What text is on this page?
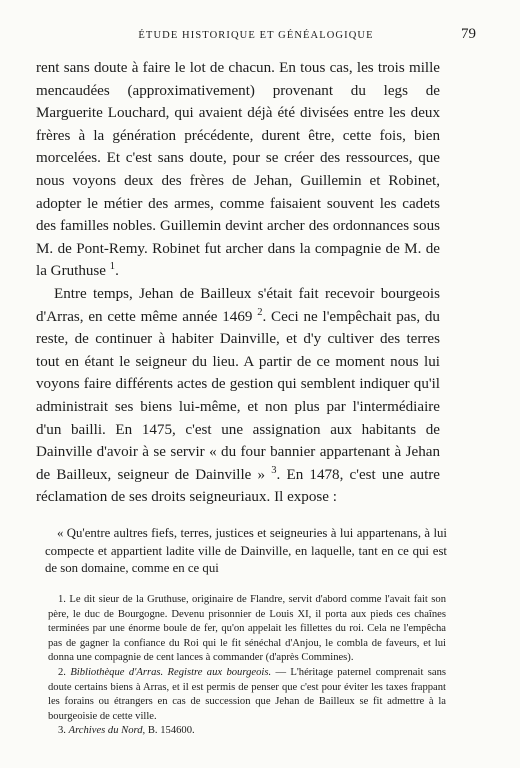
ÉTUDE HISTORIQUE ET GÉNÉALOGIQUE	79

rent sans doute à faire le lot de chacun. En tous cas, les trois mille mencaudées (approximativement) provenant du legs de Marguerite Louchard, qui avaient déjà été divisées entre les deux frères à la génération précédente, durent être, cette fois, bien morcelées. Et c'est sans doute, pour se créer des ressources, que nous voyons deux des frères de Jehan, Guillemin et Robinet, adopter le métier des armes, comme faisaient souvent les cadets des familles nobles. Guillemin devint archer des ordonnances sous M. de Pont-Remy. Robinet fut archer dans la compagnie de M. de la Gruthuse $^1$.

Entre temps, Jehan de Bailleux s'était fait recevoir bourgeois d'Arras, en cette même année 1469 $^2$. Ceci ne l'empêchait pas, du reste, de continuer à habiter Dainville, et d'y cultiver des terres tout en étant le seigneur du lieu. A partir de ce moment nous lui voyons faire différents actes de gestion qui semblent indiquer qu'il administrait ses biens lui-même, et non plus par l'intermédiaire d'un bailli. En 1475, c'est une assignation aux habitants de Dainville d'avoir à se servir « du four bannier appartenant à Jehan de Bailleux, seigneur de Dainville » $^3$. En 1478, c'est une autre réclamation de ses droits seigneuriaux. Il expose :

« Qu'entre aultres fiefs, terres, justices et seigneuries à lui appartenans, à lui compecte et appartient ladite ville de Dainville, en laquelle, tant en ce qui est de son domaine, comme en ce qui

1. Le dit sieur de la Gruthuse, originaire de Flandre, servit d'abord comme l'avait fait son père, le duc de Bourgogne. Devenu prisonnier de Louis XI, il porta aux pieds ces chaînes terminées par une énorme boule de fer, qu'on appelait les fillettes du roi. Cela ne l'empêcha pas de gagner la confiance du Roi qui le fit sénéchal d'Anjou, le combla de faveurs, et lui donna une compagnie de cent lances à commander (d'après Commines).

2. Bibliothèque d'Arras. Registre aux bourgeois. — L'héritage paternel comprenait sans doute certains biens à Arras, et il est permis de penser que c'est pour éviter les taxes frappant les forains ou étrangers en cas de succession que Jehan de Bailleux se fit admettre à la bourgeoisie de cette ville.

3. Archives du Nord, B. 154600.
